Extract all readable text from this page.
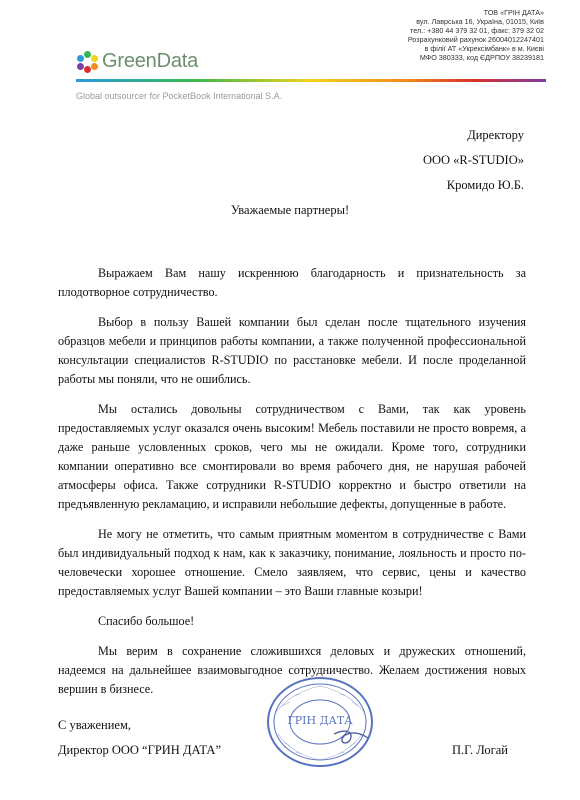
GreenData
Global outsourcer for PocketBook International S.A.
ТОВ «ГРІН ДАТА»
вул. Лаврська 16, Україна, 01015, Київ
тел.: +380 44 379 32 01, факс: 379 32 02
Розрахунковий рахунок 26004012247401
в філії АТ «Укрексімбанк» в м. Києві
МФО 380333, код ЄДРПОУ 38239181
Директору
ООО «R-STUDIO»
Кромидо Ю.Б.
Уважаемые партнеры!

Выражаем Вам нашу искреннюю благодарность и признательность за плодотворное сотрудничество.

Выбор в пользу Вашей компании был сделан после тщательного изучения образцов мебели и принципов работы компании, а также полученной профессиональной консультации специалистов R-STUDIO по расстановке мебели. И после проделанной работы мы поняли, что не ошиблись.

Мы остались довольны сотрудничеством с Вами, так как уровень предоставляемых услуг оказался очень высоким! Мебель поставили не просто вовремя, а даже раньше условленных сроков, чего мы не ожидали. Кроме того, сотрудники компании оперативно все смонтировали во время рабочего дня, не нарушая рабочей атмосферы офиса. Также сотрудники R-STUDIO корректно и быстро ответили на предъявленную рекламацию, и исправили небольшие дефекты, допущенные в работе.

Не могу не отметить, что самым приятным моментом в сотрудничестве с Вами был индивидуальный подход к нам, как к заказчику, понимание, лояльность и просто по-человечески хорошее отношение. Смело заявляем, что сервис, цены и качество предоставляемых услуг Вашей компании – это Ваши главные козыри!

Спасибо большое!

Мы верим в сохранение сложившихся деловых и дружеских отношений, надеемся на дальнейшее взаимовыгодное сотрудничество. Желаем достижения новых вершин в бизнесе.

ГРІН ДАТА
С уважением,
Директор ООО “ГРИН ДАТА”	П.Г. Логай
